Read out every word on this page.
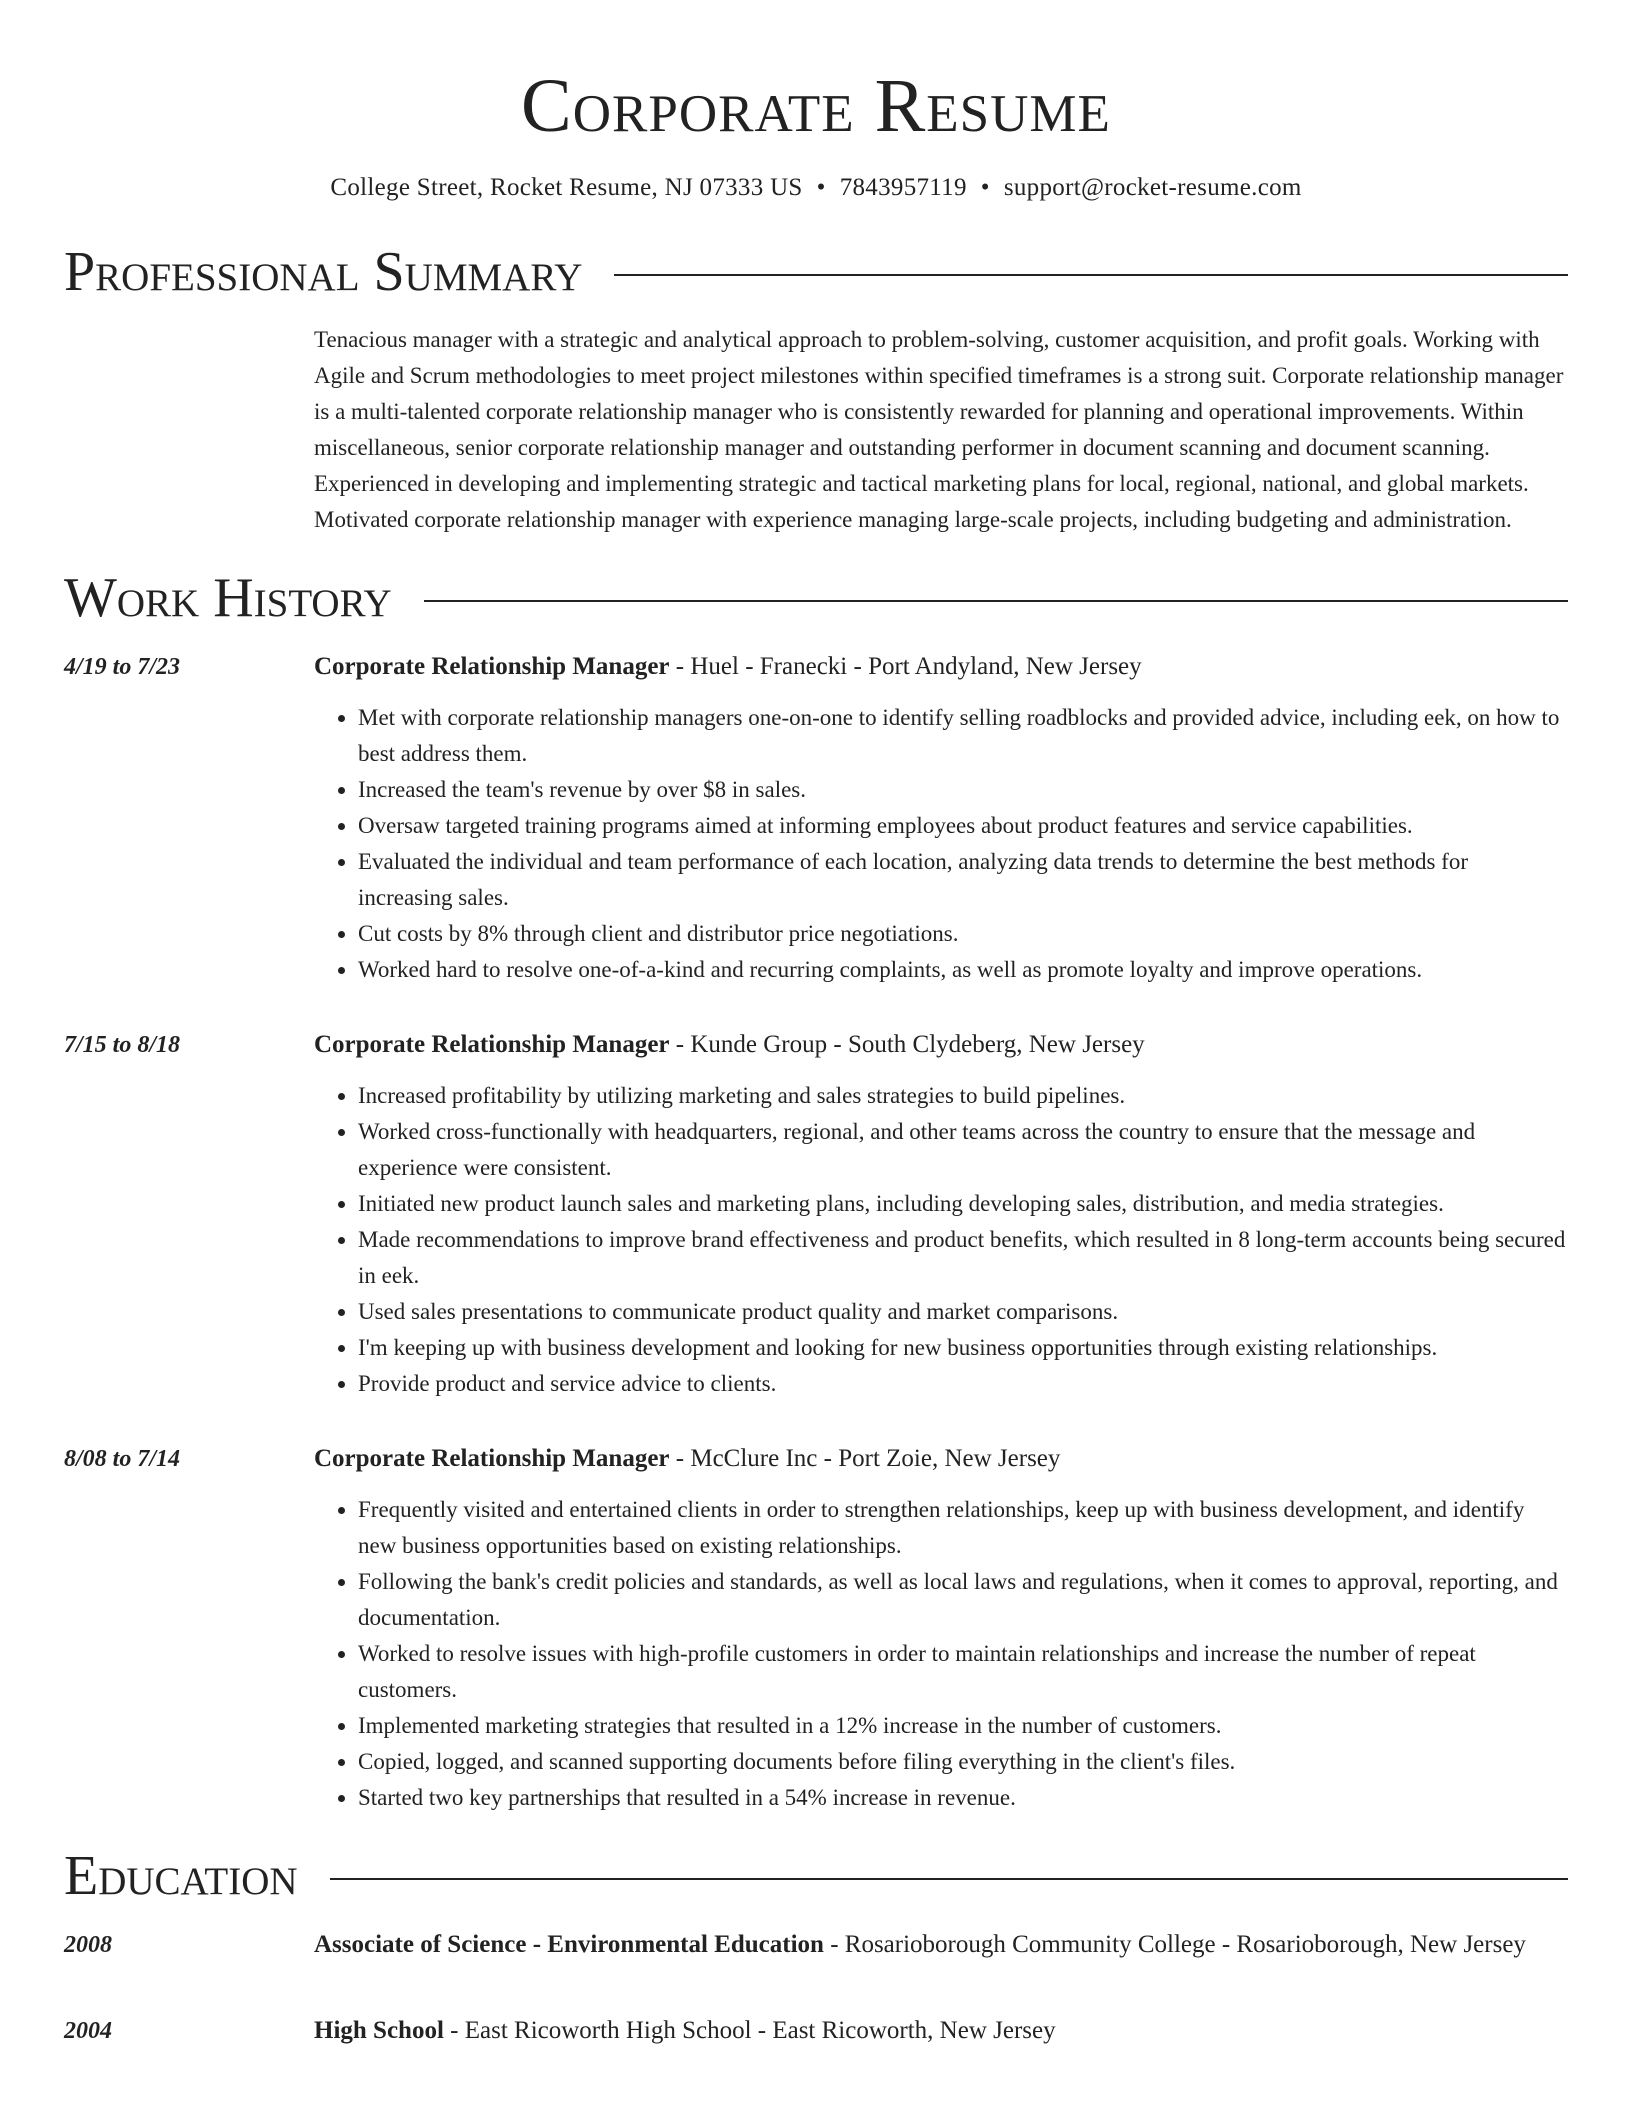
Corporate Resume
College Street, Rocket Resume, NJ 07333 US • 7843957119 • support@rocket-resume.com
Professional Summary
Tenacious manager with a strategic and analytical approach to problem-solving, customer acquisition, and profit goals. Working with Agile and Scrum methodologies to meet project milestones within specified timeframes is a strong suit. Corporate relationship manager is a multi-talented corporate relationship manager who is consistently rewarded for planning and operational improvements. Within miscellaneous, senior corporate relationship manager and outstanding performer in document scanning and document scanning. Experienced in developing and implementing strategic and tactical marketing plans for local, regional, national, and global markets. Motivated corporate relationship manager with experience managing large-scale projects, including budgeting and administration.
Work History
4/19 to 7/23	Corporate Relationship Manager - Huel - Franecki - Port Andyland, New Jersey
• Met with corporate relationship managers one-on-one to identify selling roadblocks and provided advice, including eek, on how to best address them.
• Increased the team's revenue by over $8 in sales.
• Oversaw targeted training programs aimed at informing employees about product features and service capabilities.
• Evaluated the individual and team performance of each location, analyzing data trends to determine the best methods for increasing sales.
• Cut costs by 8% through client and distributor price negotiations.
• Worked hard to resolve one-of-a-kind and recurring complaints, as well as promote loyalty and improve operations.
7/15 to 8/18	Corporate Relationship Manager - Kunde Group - South Clydeberg, New Jersey
• Increased profitability by utilizing marketing and sales strategies to build pipelines.
• Worked cross-functionally with headquarters, regional, and other teams across the country to ensure that the message and experience were consistent.
• Initiated new product launch sales and marketing plans, including developing sales, distribution, and media strategies.
• Made recommendations to improve brand effectiveness and product benefits, which resulted in 8 long-term accounts being secured in eek.
• Used sales presentations to communicate product quality and market comparisons.
• I'm keeping up with business development and looking for new business opportunities through existing relationships.
• Provide product and service advice to clients.
8/08 to 7/14	Corporate Relationship Manager - McClure Inc - Port Zoie, New Jersey
• Frequently visited and entertained clients in order to strengthen relationships, keep up with business development, and identify new business opportunities based on existing relationships.
• Following the bank's credit policies and standards, as well as local laws and regulations, when it comes to approval, reporting, and documentation.
• Worked to resolve issues with high-profile customers in order to maintain relationships and increase the number of repeat customers.
• Implemented marketing strategies that resulted in a 12% increase in the number of customers.
• Copied, logged, and scanned supporting documents before filing everything in the client's files.
• Started two key partnerships that resulted in a 54% increase in revenue.
Education
2008	Associate of Science - Environmental Education - Rosarioborough Community College - Rosarioborough, New Jersey
2004	High School - East Ricoworth High School - East Ricoworth, New Jersey
